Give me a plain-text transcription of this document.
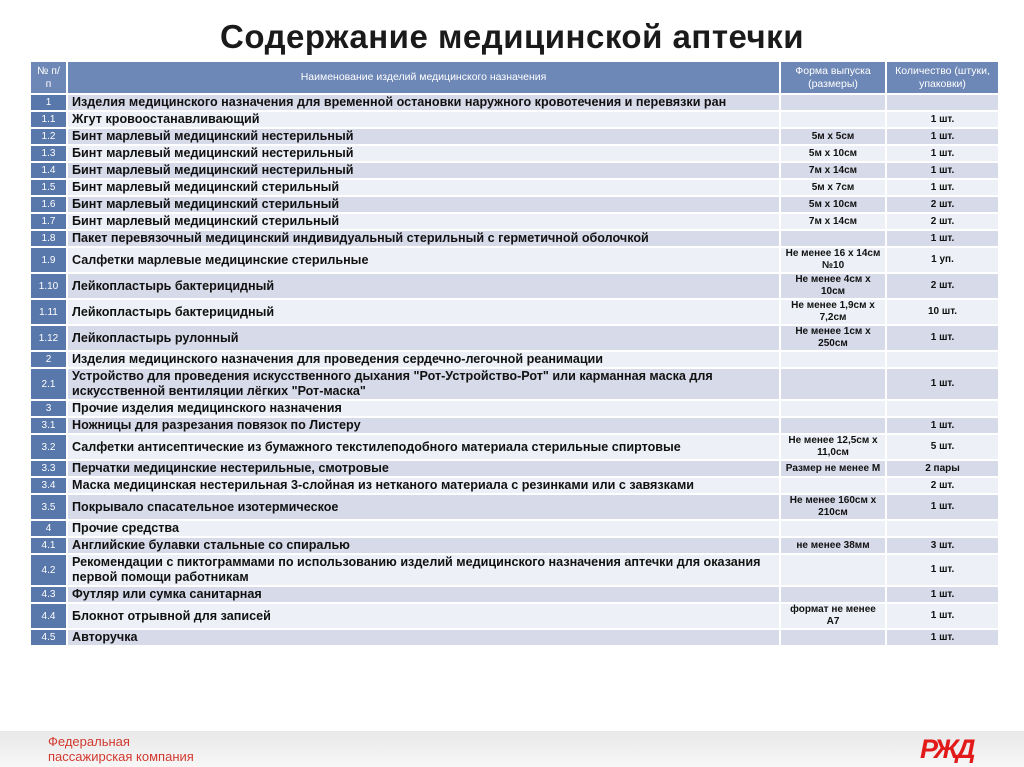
Содержание медицинской аптечки
№ п/п	Наименование изделий медицинского назначения	Форма выпуска (размеры)	Количество (штуки, упаковки)
1	Изделия медицинского назначения для временной остановки наружного кровотечения и перевязки ран		
1.1	Жгут кровоостанавливающий		1 шт.
1.2	Бинт марлевый медицинский нестерильный	5м х 5см	1 шт.
1.3	Бинт марлевый медицинский нестерильный	5м х 10см	1 шт.
1.4	Бинт марлевый медицинский нестерильный	7м х 14см	1 шт.
1.5	Бинт марлевый медицинский стерильный	5м х 7см	1 шт.
1.6	Бинт марлевый медицинский стерильный	5м х 10см	2 шт.
1.7	Бинт марлевый медицинский стерильный	7м х 14см	2 шт.
1.8	Пакет перевязочный медицинский индивидуальный стерильный с герметичной оболочкой		1 шт.
1.9	Салфетки марлевые медицинские стерильные	Не менее 16 х 14см №10	1 уп.
1.10	Лейкопластырь бактерицидный	Не менее 4см х 10см	2 шт.
1.11	Лейкопластырь бактерицидный	Не менее 1,9см х 7,2см	10 шт.
1.12	Лейкопластырь рулонный	Не менее 1см х 250см	1 шт.
2	Изделия медицинского назначения для проведения сердечно-легочной реанимации		
2.1	Устройство для проведения искусственного дыхания "Рот-Устройство-Рот" или карманная маска для искусственной вентиляции лёгких "Рот-маска"		1 шт.
3	Прочие изделия медицинского назначения		
3.1	Ножницы для разрезания повязок по Листеру		1 шт.
3.2	Салфетки антисептические из бумажного текстилеподобного материала стерильные спиртовые	Не менее 12,5см х 11,0см	5 шт.
3.3	Перчатки медицинские нестерильные, смотровые	Размер не менее М	2 пары
3.4	Маска медицинская нестерильная 3-слойная из нетканого материала с резинками или с завязками		2 шт.
3.5	Покрывало спасательное изотермическое	Не менее 160см х 210см	1 шт.
4	Прочие средства		
4.1	Английские булавки стальные со спиралью	не менее 38мм	3 шт.
4.2	Рекомендации с пиктограммами по использованию изделий медицинского назначения аптечки для оказания первой помощи работникам		1 шт.
4.3	Футляр или сумка санитарная		1 шт.
4.4	Блокнот отрывной для записей	формат не менее А7	1 шт.
4.5	Авторучка		1 шт.
Федеральная
пассажирская компания	РЖД
